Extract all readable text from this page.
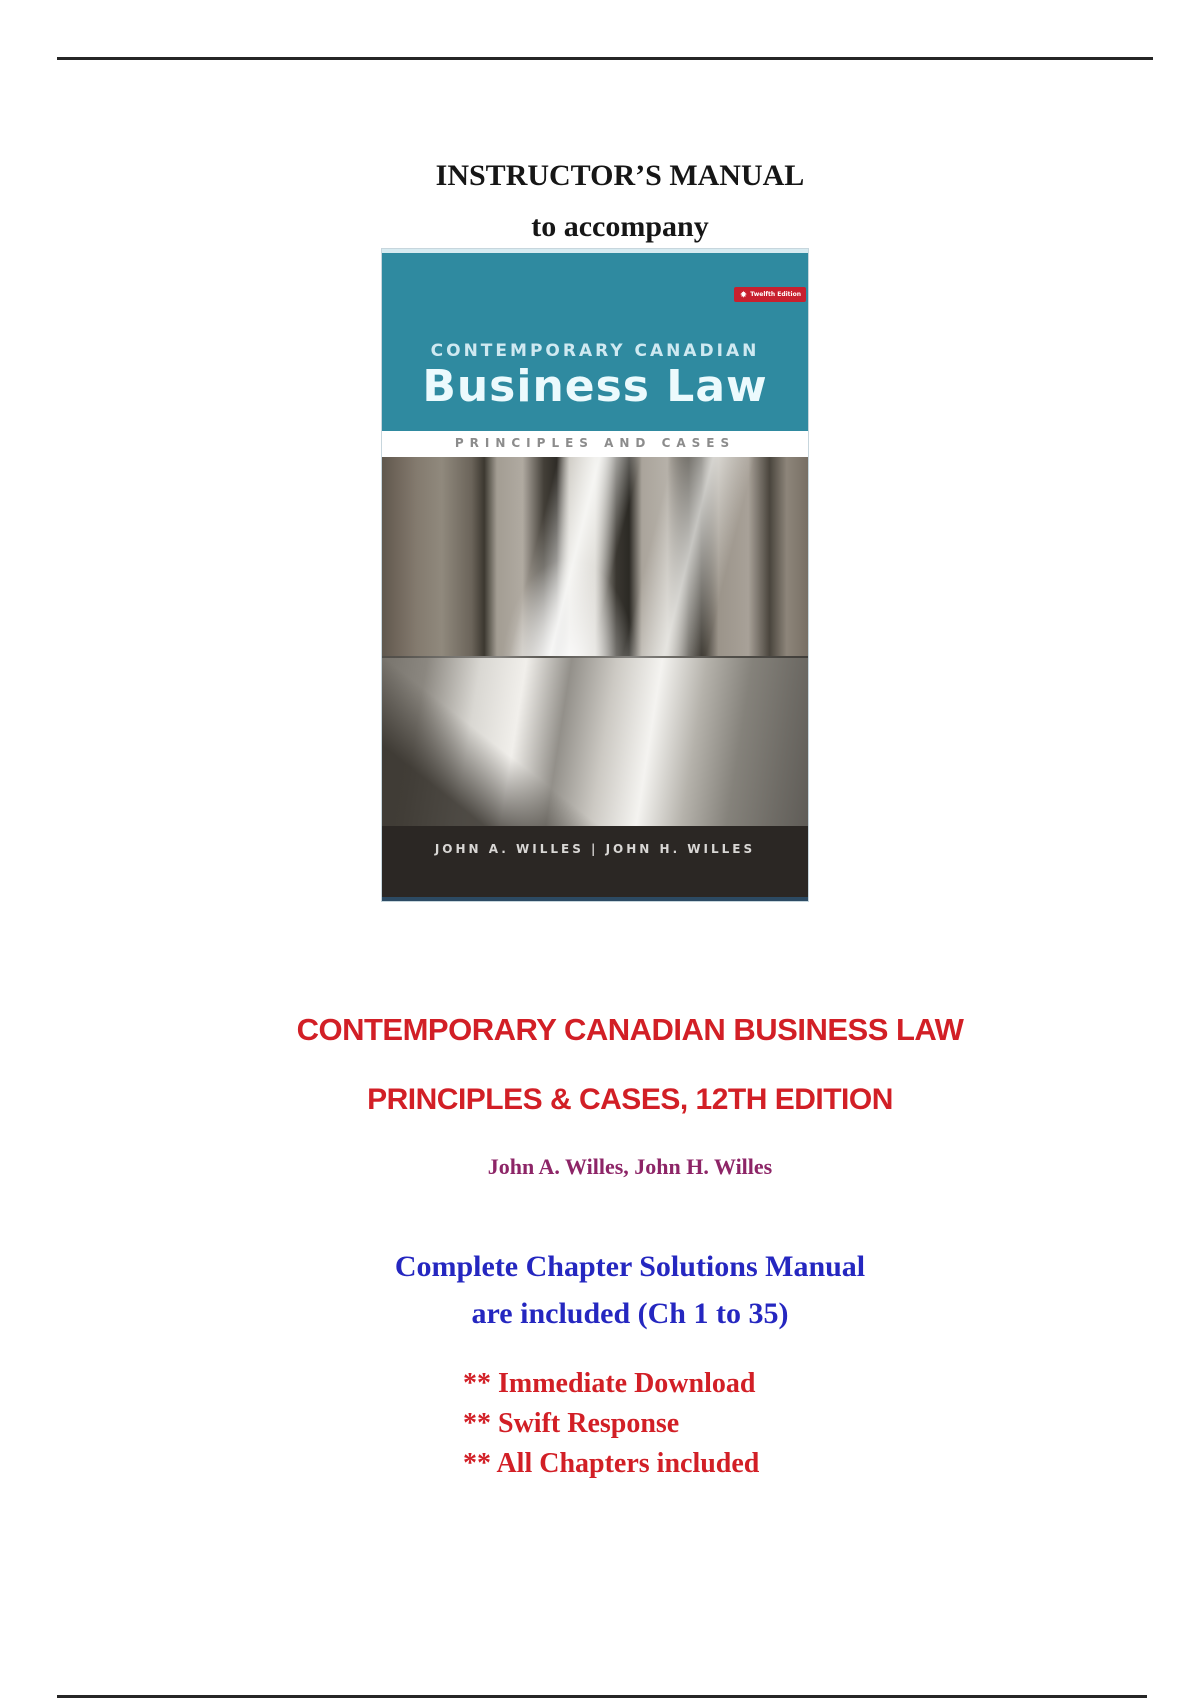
INSTRUCTOR’S MANUAL
to accompany
Twelfth Edition
CONTEMPORARY CANADIAN
Business Law
PRINCIPLES AND CASES
JOHN A. WILLES | JOHN H. WILLES
CONTEMPORARY CANADIAN BUSINESS LAW
PRINCIPLES & CASES, 12TH EDITION
John A. Willes, John H. Willes
Complete Chapter Solutions Manual
are included (Ch 1 to 35)
** Immediate Download
** Swift Response
** All Chapters included
